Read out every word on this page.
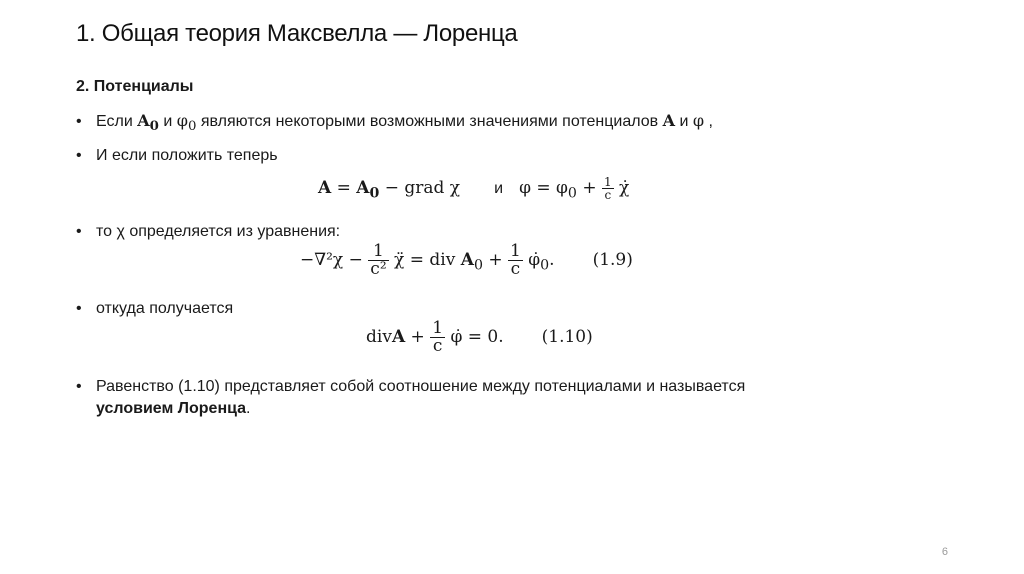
1. Общая теория Максвелла — Лоренца
2. Потенциалы
• Если $A_0$ и $\varphi_0$ являются некоторыми возможными значениями потенциалов A и φ ,
• И если положить теперь
$A = A_0$ − grad χ и $\varphi = \varphi_0 + \frac{1}{c}$ χ̇
• то χ определяется из уравнения:
$-\nabla^2\chi - \frac{1}{\text{c²}}$ χ̈ = div $A_0 + \frac{1}{c}$ $\varphi̇_0$. (1.9)
• откуда получается
divA + $\frac{1}{c}$ φ̇ = 0. (1.10)
• Равенство (1.10) представляет собой соотношение между потенциалами и называется
условием Лоренца.
6
